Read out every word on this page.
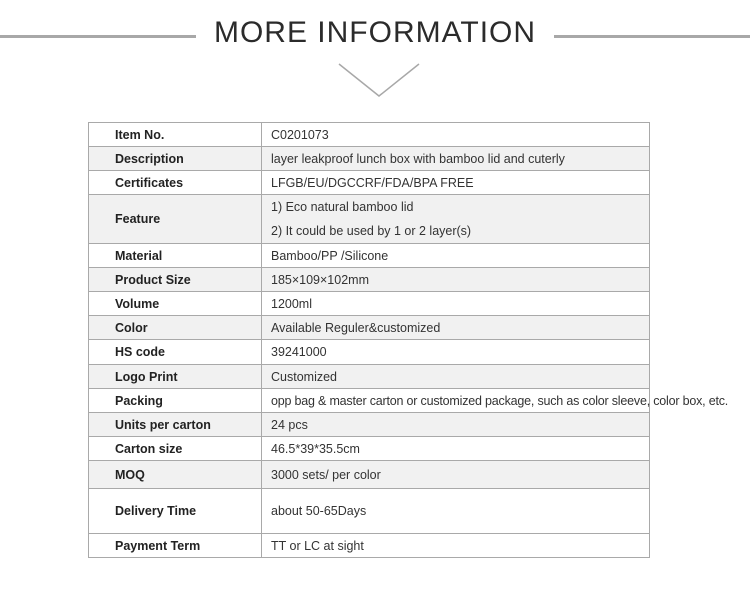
MORE INFORMATION
Item No.	C0201073
Description	layer leakproof lunch box with bamboo lid and cuterly
Certificates	LFGB/EU/DGCCRF/FDA/BPA FREE
Feature	1) Eco natural bamboo lid
2) It could be used by 1 or 2 layer(s)

Material	Bamboo/PP /Silicone
Product Size	185×109×102mm
Volume	1200ml
Color	Available Reguler&customized
HS code	39241000
Logo Print	Customized
Packing	opp bag & master carton or customized package, such as color sleeve, color box, etc.
Units per carton	24 pcs
Carton size	46.5*39*35.5cm
MOQ	3000 sets/ per color
Delivery Time	about 50-65Days
Payment Term	TT or LC at sight
